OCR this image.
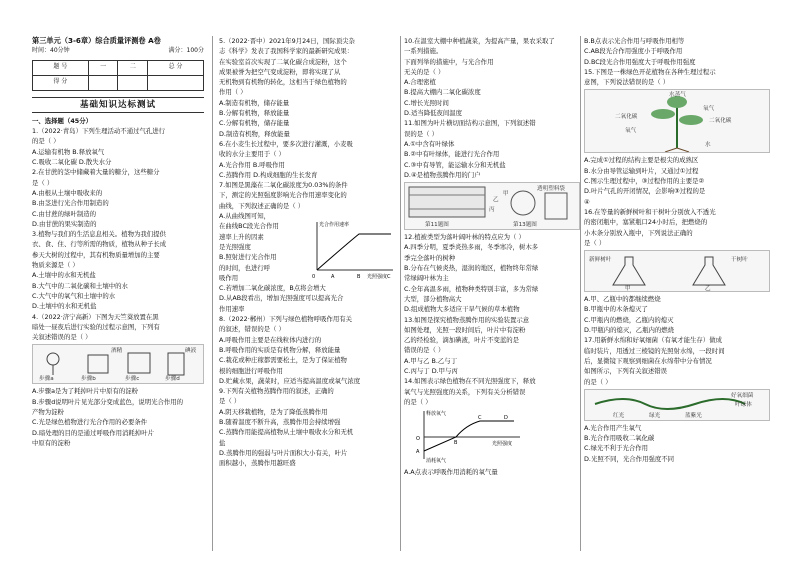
第三单元（3-6章）综合质量评测卷 A卷

时间：40分钟	满分：100分
题 号	一	二	总 分
得 分			
基础知识达标测试

一、选择题（45分）

1.（2022·青岛）下列生理活动不通过气孔进行

的是（ ）

A.运输有机物 B.释放氧气

C.吸收二氧化碳 D.散失水分

2.在甘蔗的茎中储藏着大量的糖分，这些糖分

是（ ）

A.由根从土壤中吸收来的

B.由茎进行光合作用制造的

C.由甘蔗的绿叶制造的

D.由甘蔗的果实制造的

3.植物与我们的生活息息相关。植物为我们提供

衣、食、住、行等所需的物质，植物从种子长成

参天大树的过程中，其有机物质量增加的主要

物质来源是（ ）

A.土壤中的水和无机盐

B.大气中的二氧化碳和土壤中的水

C.大气中的氧气和土壤中的水

D.土壤中的水和无机盐

4.（2022·济宁高新）下图为天竺葵放置在黑

暗处一昼夜后进行实验的过程示意图，下列有

关叙述错误的是（ ）

步骤a	步骤b	步骤c	步骤d
酒精	碘液

A.步骤a是为了耗掉叶片中原有的淀粉

B.步骤d说明叶片见光部分变成蓝色，说明光合作用的

产物为淀粉

C.光是绿色植物进行光合作用的必要条件

D.暗处理的目的是通过呼吸作用消耗掉叶片

中原有的淀粉

5.（2022·晋中）2021年9月24日，国际顶尖杂

志《科学》发表了我国科学家的最新研究成果：

在实验室首次实现了二氧化碳合成淀粉，这个

成果被誉为把空气变成淀粉，即将实现了从

无机物到有机物的转化，这相当于绿色植物的

作用（ ）

A.制造有机物，储存能量

B.分解有机物，释放能量

C.分解有机物，储存能量

D.制造有机物，释放能量

6.在小麦生长过程中，要多次进行灌溉，小麦吸

收的水分主要用于（ ）

A.光合作用 B.呼吸作用

C.蒸腾作用 D.构成细胞的生长发育

7.如图是黑藻在二氧化碳浓度为0.03%的条件

下，测定的光照强度影响光合作用速率变化的

曲线，下列叙述正确的是（ ）

A.从曲线图可知，

在曲线BC段光合作用

速率上升的因素

是光照强度

B.照射进行光合作用

的时间，也进行呼

吸作用

C.若增加二氧化碳浓度，B点将会增大

D.从AB段看出，增加光照强度可以提高光合

作用速率

光合作用速率
光照强度
0	A	B	C

8.（2022·郴州）下列与绿色植物呼吸作用有关

的叙述，错误的是（ ）

A.呼吸作用主要是在线粒体内进行的

B.呼吸作用的实质是有机物分解，释放能量

C.栽花或种庄稼都需要松土，是为了保证植物

根的细胞进行呼吸作用

D.贮藏水果，蔬菜时，应适当提高温度或氧气浓度

9.下列有关植物蒸腾作用的叙述，正确的

是（ ）

A.阴天移栽植物，是为了降低蒸腾作用

B.随着温度不断升高，蒸腾作用会持续增强

C.蒸腾作用能提高植物从土壤中吸收水分和无机

盐

D.蒸腾作用的强弱与叶片面积大小有关，叶片

面积越小，蒸腾作用越旺盛

10.在温室大棚中种植蔬菜，为提高产量，果农采取了

一系列措施。

下面列举的措施中，与光合作用

无关的是（ ）

A.合理密植

B.提高大棚内二氧化碳浓度

C.增长光照时间

D.适当降低夜间温度

11.如图为叶片横切面结构示意图，下列叙述错

误的是（ ）

A.①中含有叶绿体

B.②中有叶绿体，能进行光合作用

C.③中有导管，能运输水分和无机盐

D.④是植物蒸腾作用的门户

第11题图	第13题图
透明塑料袋
乙
丙
甲

12.植被类型为落叶阔叶林的特点应为（ ）

A.四季分明，夏季炎热多雨，冬季寒冷，树木多

季完全落叶的树种

B.分布在气候炎热，湿润的地区，植物终年常绿

常绿阔叶林为主

C.全年高温多雨，植物种类特别丰富，多为常绿

大型，部分植物高大

D.组成植物大多适应干旱气候的草本植物

13.如图是探究植物蒸腾作用的实验装置示意

如图处理，光照一段时间后，叶片中有淀粉

乙的经检验，滴加碘液，叶片不变蓝的是

错误的是（ ）

A.甲与乙 B.乙与丁

C.丙与丁 D.甲与丙

14.如图表示绿色植物在不同光照强度下，释放

氧气与光照强度的关系，下列有关分析错误

的是（ ）

释放氧气
光照强度
消耗氧气
A
B
C	D
O

A.A点表示呼吸作用消耗的氧气量

B.B点表示光合作用与呼吸作用相等

C.AB段光合作用强度小于呼吸作用

D.BC段光合作用强度大于呼吸作用强度

15.下图是一株绿色开花植物在各种生理过程示

意图，下列说法错误的是（ ）

水蒸气
二氧化碳
氧气
水
氧气
二氧化碳

A.完成①过程的结构主要是根尖的成熟区

B.水分由导管运输到叶片，又通过①过程

C.图示生理过程中，③过程作用的主要是②

D.叶片气孔的开闭情况，会影响③过程的是

④

16.在等量的新鲜树叶和干树叶分别放入不透光

的密闭瓶中，塞紧瓶口24小时后，把燃烧的

小木条分别放入瓶中，下列说法正确的

是（ ）

新鲜树叶	干树叶
甲	乙

A.甲、乙瓶中的都继续燃烧

B.甲瓶中的木条熄灭了

C.甲瓶内的燃烧，乙瓶内的熄灭

D.甲瓶内的熄灭，乙瓶内的燃烧

17.用新鲜水绵和好氧细菌（有氧才能生存）做成

临时装片，用透过三棱镜的光照射水绵，一段时间

后，显微镜下观察到细菌在水绵带中分布情况

如图所示，下列有关叙述错误

的是（ ）

好氧细菌
叶绿体
红光	绿光	蓝紫光

A.光合作用产生氧气

B.光合作用吸收二氧化碳

C.绿光不利于光合作用

D.光照不同，光合作用强度不同
